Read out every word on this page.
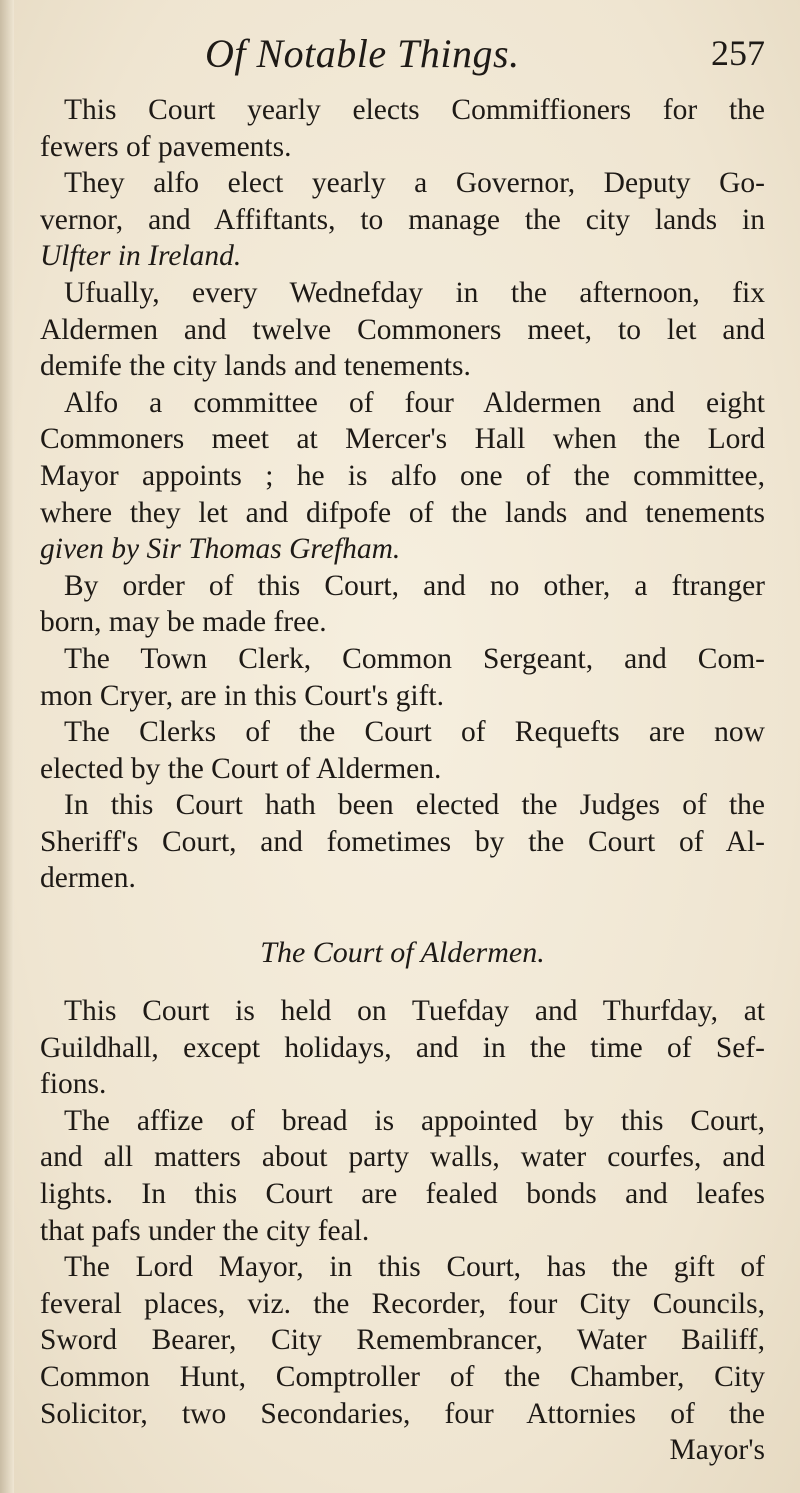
Of Notable Things.	257
This Court yearly elects Commiffioners for the
fewers of pavements.
They alfo elect yearly a Governor, Deputy Go-
vernor, and Affiftants, to manage the city lands in
Ulfter in Ireland.
Ufually, every Wednefday in the afternoon, fix
Aldermen and twelve Commoners meet, to let and
demife the city lands and tenements.
Alfo a committee of four Aldermen and eight
Commoners meet at Mercer's Hall when the Lord
Mayor appoints ; he is alfo one of the committee,
where they let and difpofe of the lands and tenements
given by Sir Thomas Grefham.
By order of this Court, and no other, a ftranger
born, may be made free.
The Town Clerk, Common Sergeant, and Com-
mon Cryer, are in this Court's gift.
The Clerks of the Court of Requefts are now
elected by the Court of Aldermen.
In this Court hath been elected the Judges of the
Sheriff's Court, and fometimes by the Court of Al-
dermen.
The Court of Aldermen.
This Court is held on Tuefday and Thurfday, at
Guildhall, except holidays, and in the time of Sef-
fions.
The affize of bread is appointed by this Court,
and all matters about party walls, water courfes, and
lights. In this Court are fealed bonds and leafes
that pafs under the city feal.
The Lord Mayor, in this Court, has the gift of
feveral places, viz. the Recorder, four City Councils,
Sword Bearer, City Remembrancer, Water Bailiff,
Common Hunt, Comptroller of the Chamber, City
Solicitor, two Secondaries, four Attornies of the
Mayor's
